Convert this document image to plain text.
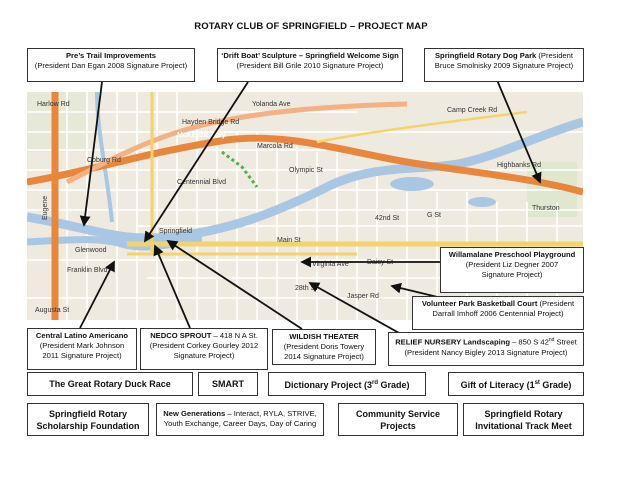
ROTARY CLUB OF SPRINGFIELD – PROJECT MAP
Harlow Rd	Yolanda Ave
Hayden Bridge Rd
Marcola Rd
McKenzie Hwy
Olympic St
Centennial Blvd
Coburg Rd
Springfield
Main St
Virginia Ave	Daisy St
Jasper Rd
Highbanks Rd
Thurston
Camp Creek Rd
Eugene
Augusta St
Glenwood
Franklin Blvd
G St
42nd St
28th St
Pre’s Trail Improvements
(President Dan Egan 2008 Signature Project)
‘Drift Boat’ Sculpture – Springfield Welcome Sign
(President Bill Grile 2010 Signature Project)
Springfield Rotary Dog Park (President
Bruce Smolnisky 2009 Signature Project)
Willamalane Preschool Playground
(President Liz Degner 2007
Signature Project)
Volunteer Park Basketball Court (President
Darrall Imhoff 2006 Centennial Project)
RELIEF NURSERY Landscaping – 850 S 42nd Street
(President Nancy Bigley 2013 Signature Project)
WILDISH THEATER
(President Doris Towery
2014 Signature Project)
NEDCO SPROUT – 418 N A St.
(President Corkey Gourley 2012
Signature Project)
Central Latino Americano
(President Mark Johnson
2011 Signature Project)
The Great Rotary Duck Race	SMART	Dictionary Project (3rd Grade)	Gift of Literacy (1st Grade)
Springfield Rotary
Scholarship Foundation
New Generations – Interact, RYLA, STRIVE,
Youth Exchange, Career Days, Day of Caring
Community Service
Projects
Springfield Rotary
Invitational Track Meet
